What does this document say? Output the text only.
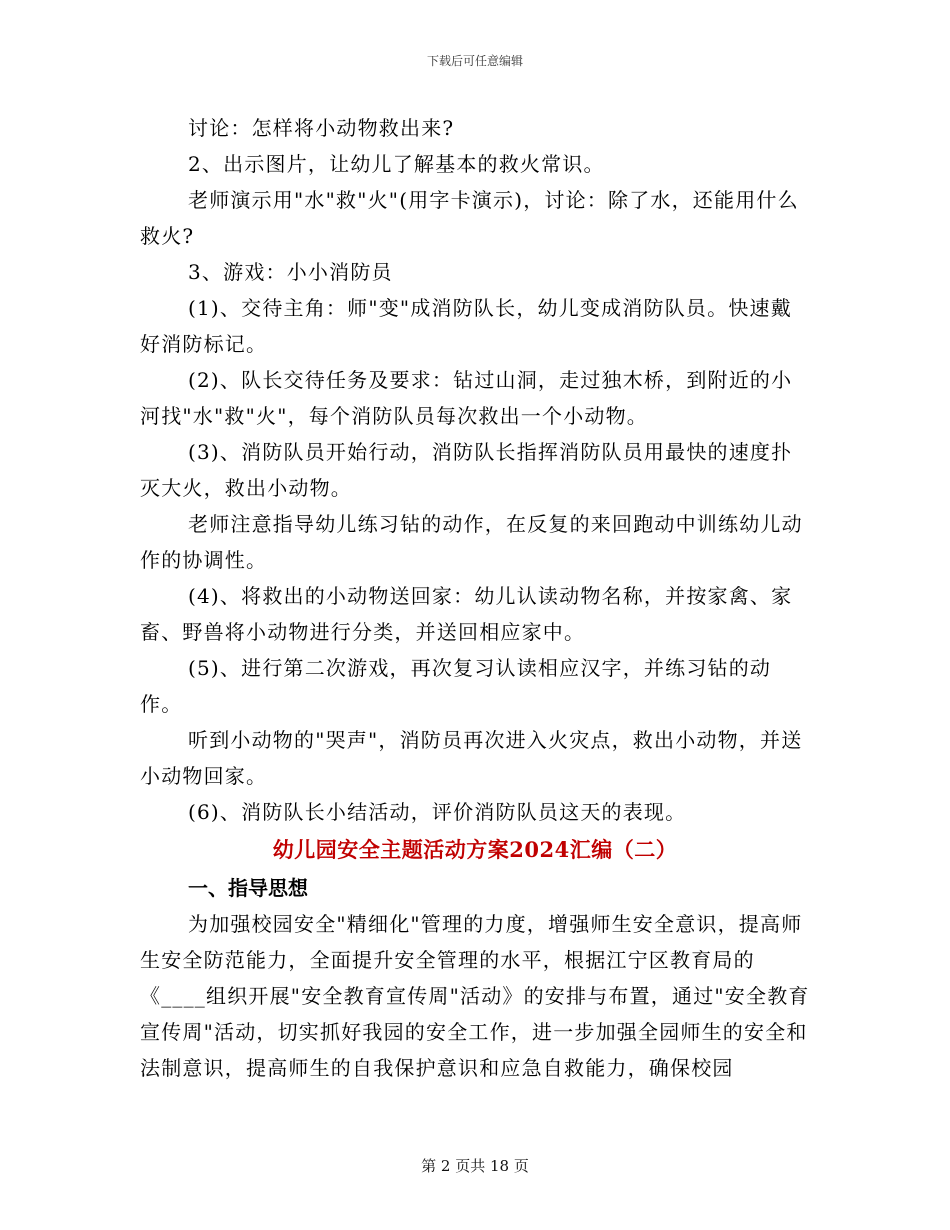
下载后可任意编辑

讨论：怎样将小动物救出来?

2、出示图片，让幼儿了解基本的救火常识。

老师演示用"水"救"火"(用字卡演示)，讨论：除了水，还能用什么救火?

3、游戏：小小消防员

(1)、交待主角：师"变"成消防队长，幼儿变成消防队员。快速戴好消防标记。

(2)、队长交待任务及要求：钻过山洞，走过独木桥，到附近的小河找"水"救"火"，每个消防队员每次救出一个小动物。

(3)、消防队员开始行动，消防队长指挥消防队员用最快的速度扑灭大火，救出小动物。

老师注意指导幼儿练习钻的动作，在反复的来回跑动中训练幼儿动作的协调性。

(4)、将救出的小动物送回家：幼儿认读动物名称，并按家禽、家畜、野兽将小动物进行分类，并送回相应家中。

(5)、进行第二次游戏，再次复习认读相应汉字，并练习钻的动作。

听到小动物的"哭声"，消防员再次进入火灾点，救出小动物，并送小动物回家。

(6)、消防队长小结活动，评价消防队员这天的表现。

幼儿园安全主题活动方案2024汇编（二）
一、指导思想

为加强校园安全"精细化"管理的力度，增强师生安全意识，提高师生安全防范能力，全面提升安全管理的水平，根据江宁区教育局的《____组织开展"安全教育宣传周"活动》的安排与布置，通过"安全教育宣传周"活动，切实抓好我园的安全工作，进一步加强全园师生的安全和法制意识，提高师生的自我保护意识和应急自救能力，确保校园

第 2 页共 18 页
